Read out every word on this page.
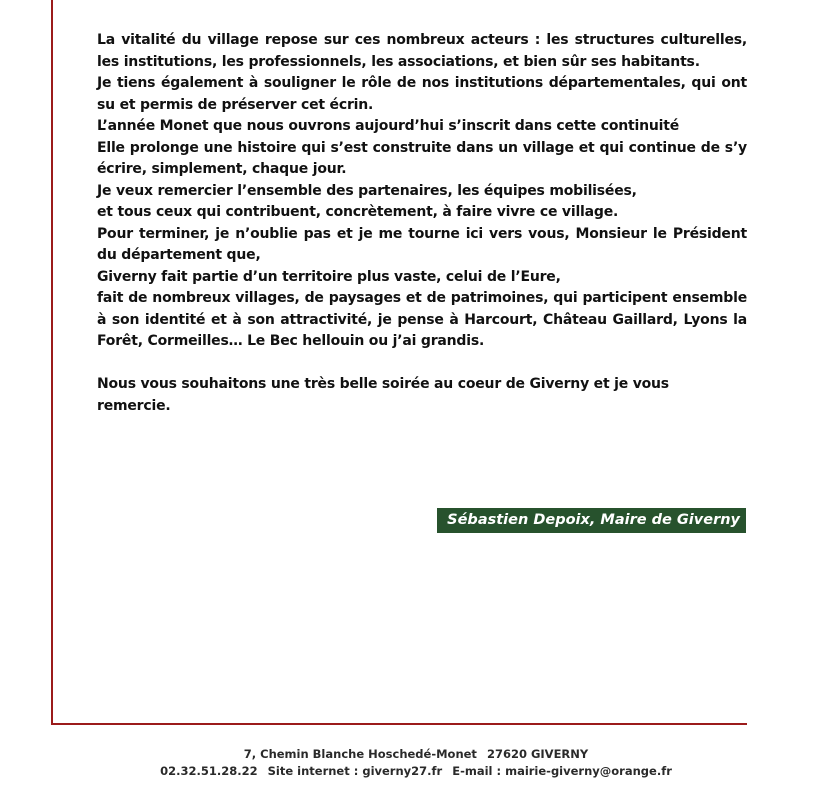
La vitalité du village repose sur ces nombreux acteurs : les structures culturelles, les institutions, les professionnels, les associations, et bien sûr ses habitants.

Je tiens également à souligner le rôle de nos institutions départementales, qui ont su et permis de préserver cet écrin.

L’année Monet que nous ouvrons aujourd’hui s’inscrit dans cette continuité

Elle prolonge une histoire qui s’est construite dans un village et qui continue de s’y écrire, simplement, chaque jour.

Je veux remercier l’ensemble des partenaires, les équipes mobilisées,

et tous ceux qui contribuent, concrètement, à faire vivre ce village.

Pour terminer, je n’oublie pas et je me tourne ici vers vous, Monsieur le Président du département que,

Giverny fait partie d’un territoire plus vaste, celui de l’Eure,

fait de nombreux villages, de paysages et de patrimoines, qui participent ensemble à son identité et à son attractivité, je pense à Harcourt, Château Gaillard, Lyons la Forêt, Cormeilles… Le Bec hellouin ou j’ai grandis.

Nous vous souhaitons une très belle soirée au coeur de Giverny et je vous remercie.

Sébastien Depoix, Maire de Giverny
7, Chemin Blanche Hoschedé-Monet 27620 GIVERNY
02.32.51.28.22 Site internet : giverny27.fr E-mail : mairie-giverny@orange.fr
